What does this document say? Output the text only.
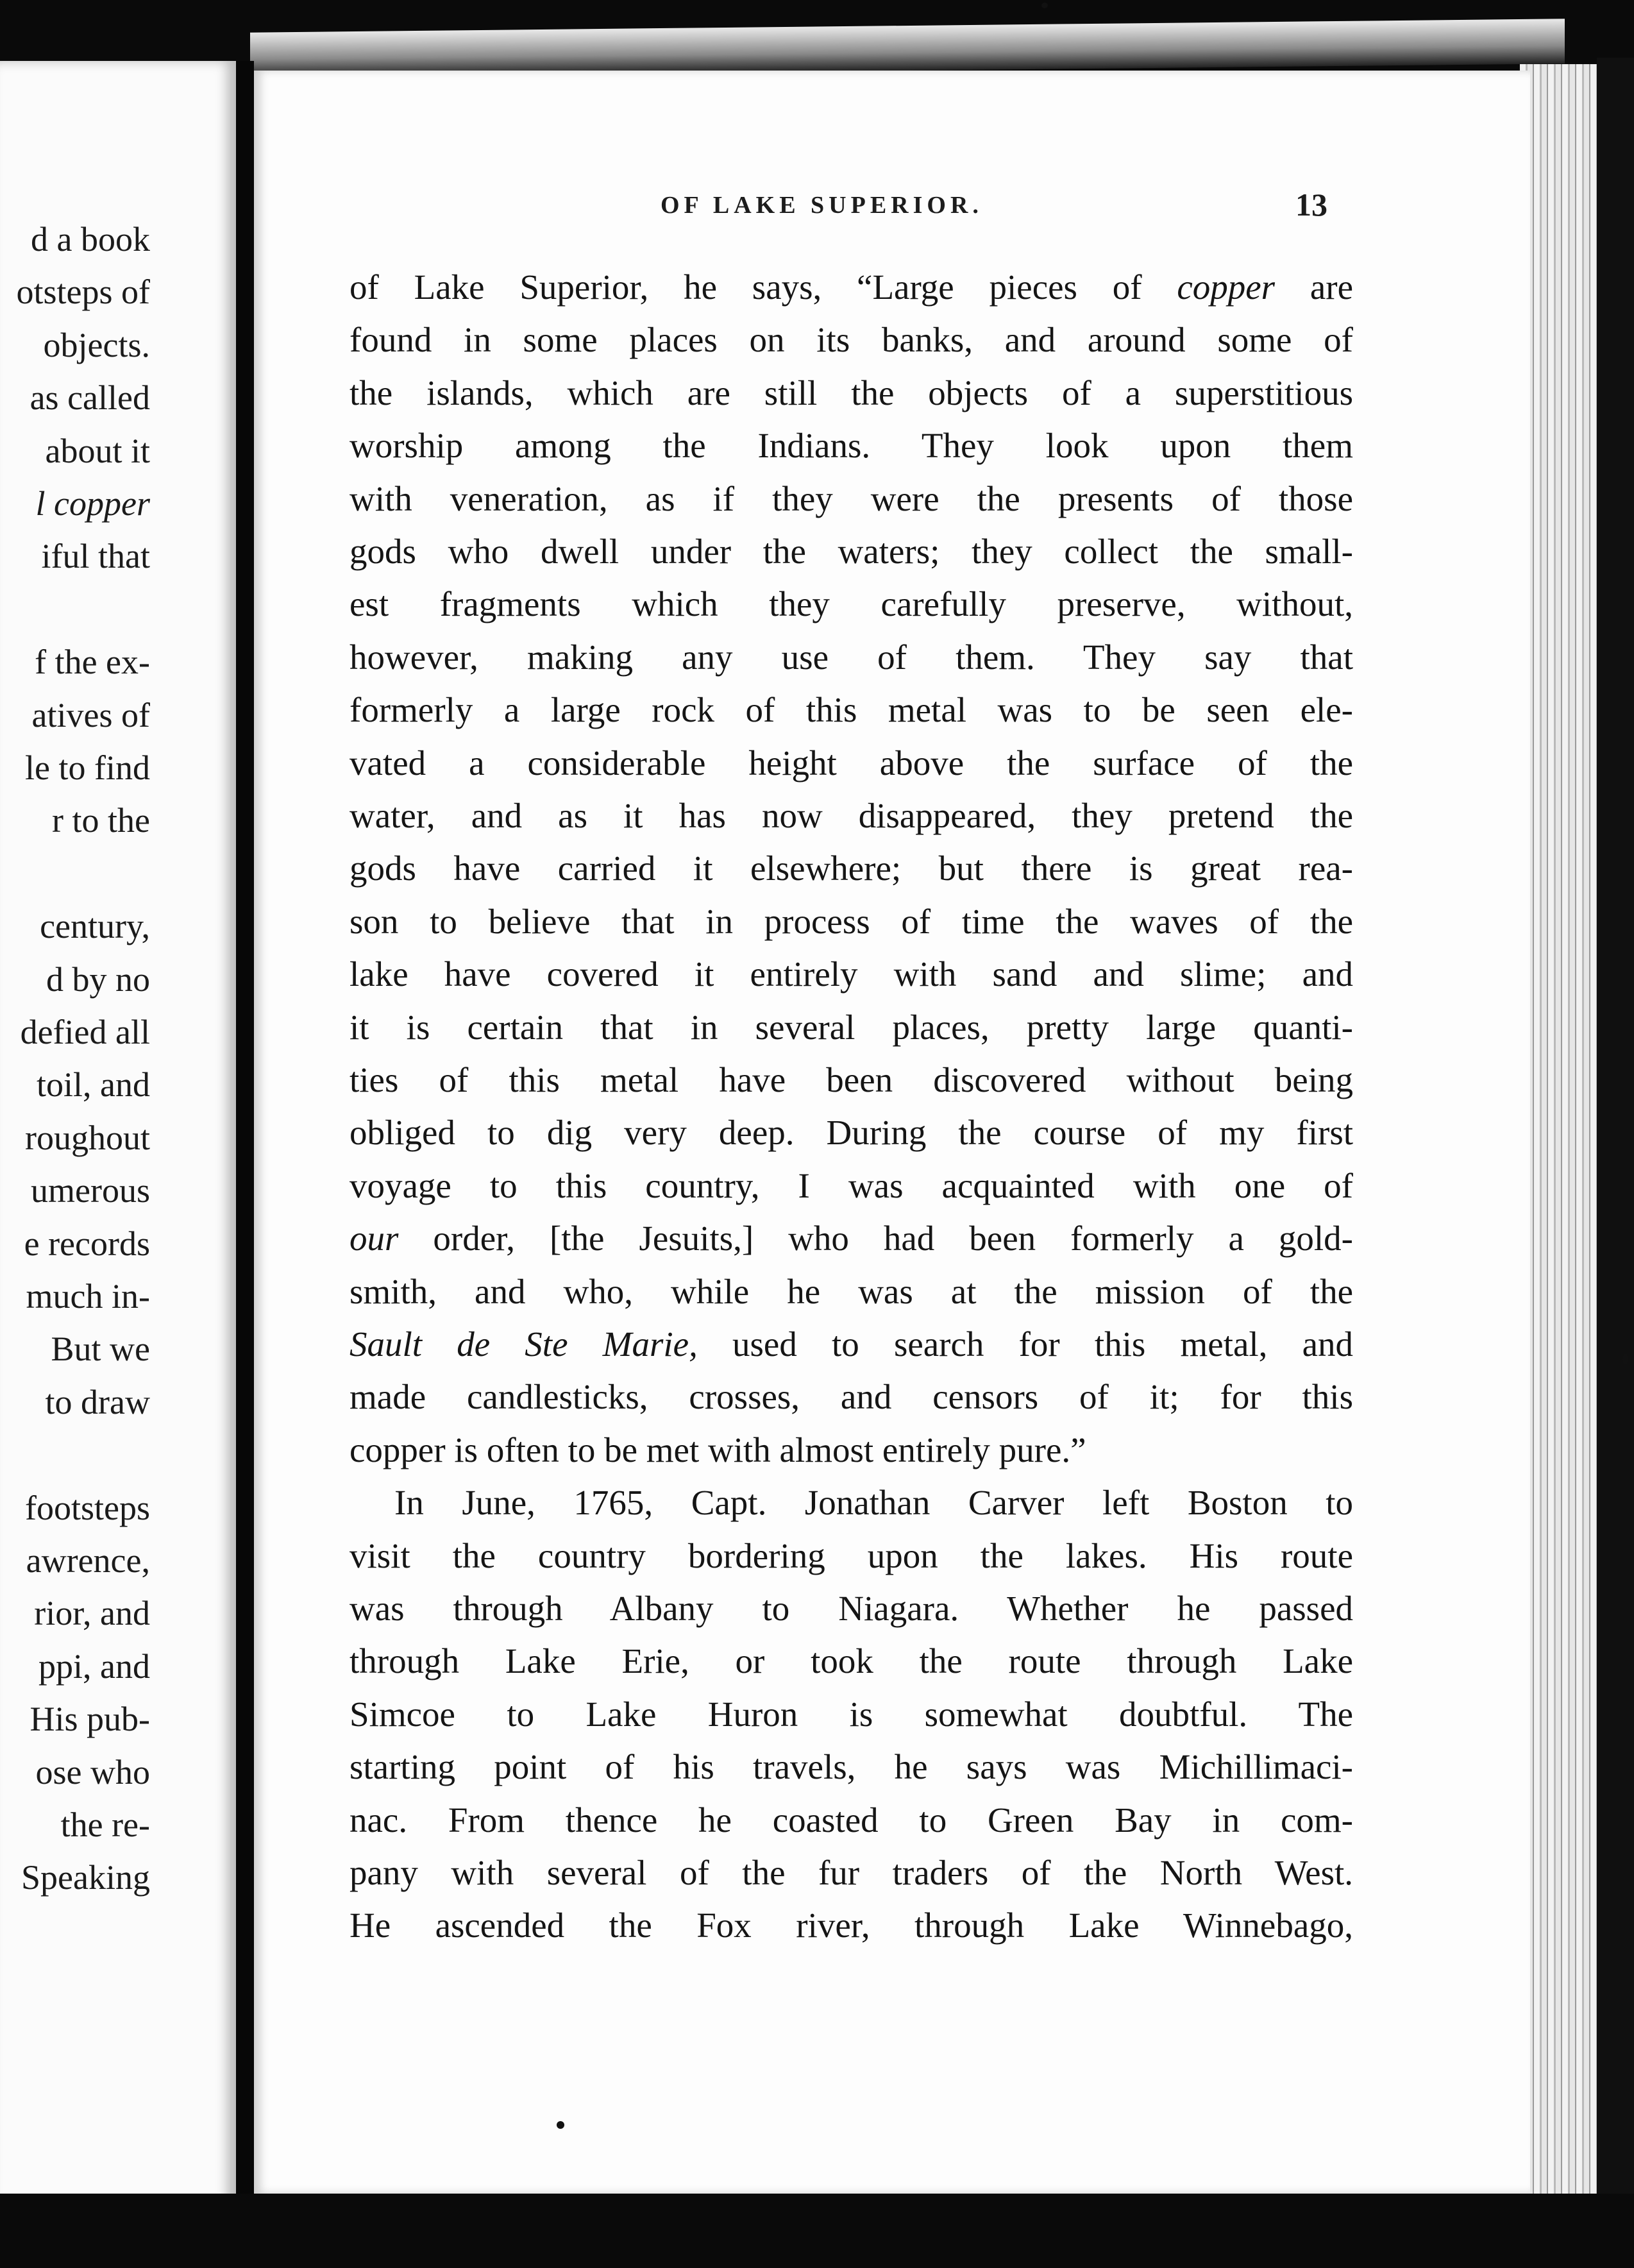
d a book
otsteps of
objects.
as called
about it
l copper
iful that
f the ex-
atives of
le to find
r to the
century,
d by no
defied all
toil, and
roughout
umerous
e records
much in-
But we
to draw
footsteps
awrence,
rior, and
ppi, and
His pub-
ose who
the re-
Speaking
OF LAKE SUPERIOR.	13
of Lake Superior, he says, “Large pieces of copper are
found in some places on its banks, and around some of
the islands, which are still the objects of a superstitious
worship among the Indians. They look upon them
with veneration, as if they were the presents of those
gods who dwell under the waters; they collect the small-
est fragments which they carefully preserve, without,
however, making any use of them. They say that
formerly a large rock of this metal was to be seen ele-
vated a considerable height above the surface of the
water, and as it has now disappeared, they pretend the
gods have carried it elsewhere; but there is great rea-
son to believe that in process of time the waves of the
lake have covered it entirely with sand and slime; and
it is certain that in several places, pretty large quanti-
ties of this metal have been discovered without being
obliged to dig very deep. During the course of my first
voyage to this country, I was acquainted with one of
our order, [the Jesuits,] who had been formerly a gold-
smith, and who, while he was at the mission of the
Sault de Ste Marie, used to search for this metal, and
made candlesticks, crosses, and censors of it; for this
copper is often to be met with almost entirely pure.”
In June, 1765, Capt. Jonathan Carver left Boston to
visit the country bordering upon the lakes. His route
was through Albany to Niagara. Whether he passed
through Lake Erie, or took the route through Lake
Simcoe to Lake Huron is somewhat doubtful. The
starting point of his travels, he says was Michillimaci-
nac. From thence he coasted to Green Bay in com-
pany with several of the fur traders of the North West.
He ascended the Fox river, through Lake Winnebago,
